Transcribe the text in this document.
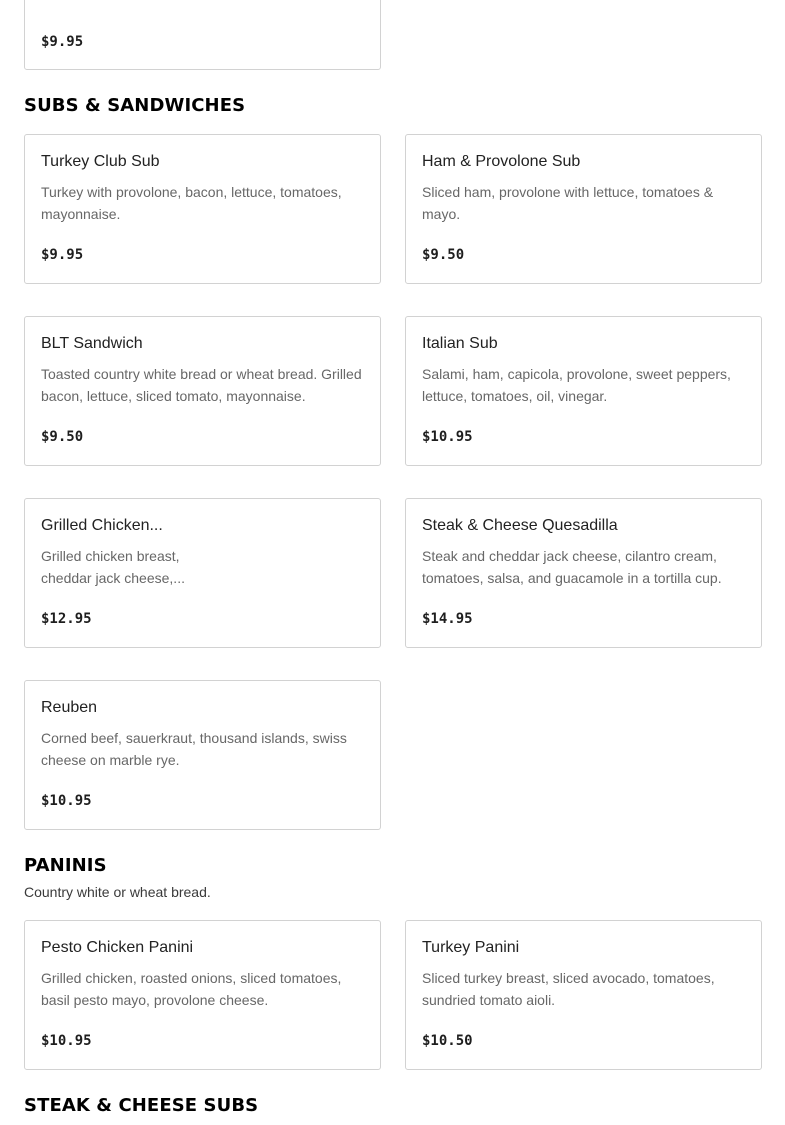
$9.95
SUBS & SANDWICHES
Turkey Club Sub
Turkey with provolone, bacon, lettuce, tomatoes, mayonnaise.
$9.95
Ham & Provolone Sub
Sliced ham, provolone with lettuce, tomatoes & mayo.
$9.50
BLT Sandwich
Toasted country white bread or wheat bread. Grilled bacon, lettuce, sliced tomato, mayonnaise.
$9.50
Italian Sub
Salami, ham, capicola, provolone, sweet peppers, lettuce, tomatoes, oil, vinegar.
$10.95
Grilled Chicken...
Grilled chicken breast, cheddar jack cheese,...
$12.95
Steak & Cheese Quesadilla
Steak and cheddar jack cheese, cilantro cream, tomatoes, salsa, and guacamole in a tortilla cup.
$14.95
Reuben
Corned beef, sauerkraut, thousand islands, swiss cheese on marble rye.
$10.95
PANINIS
Country white or wheat bread.
Pesto Chicken Panini
Grilled chicken, roasted onions, sliced tomatoes, basil pesto mayo, provolone cheese.
$10.95
Turkey Panini
Sliced turkey breast, sliced avocado, tomatoes, sundried tomato aioli.
$10.50
STEAK & CHEESE SUBS
